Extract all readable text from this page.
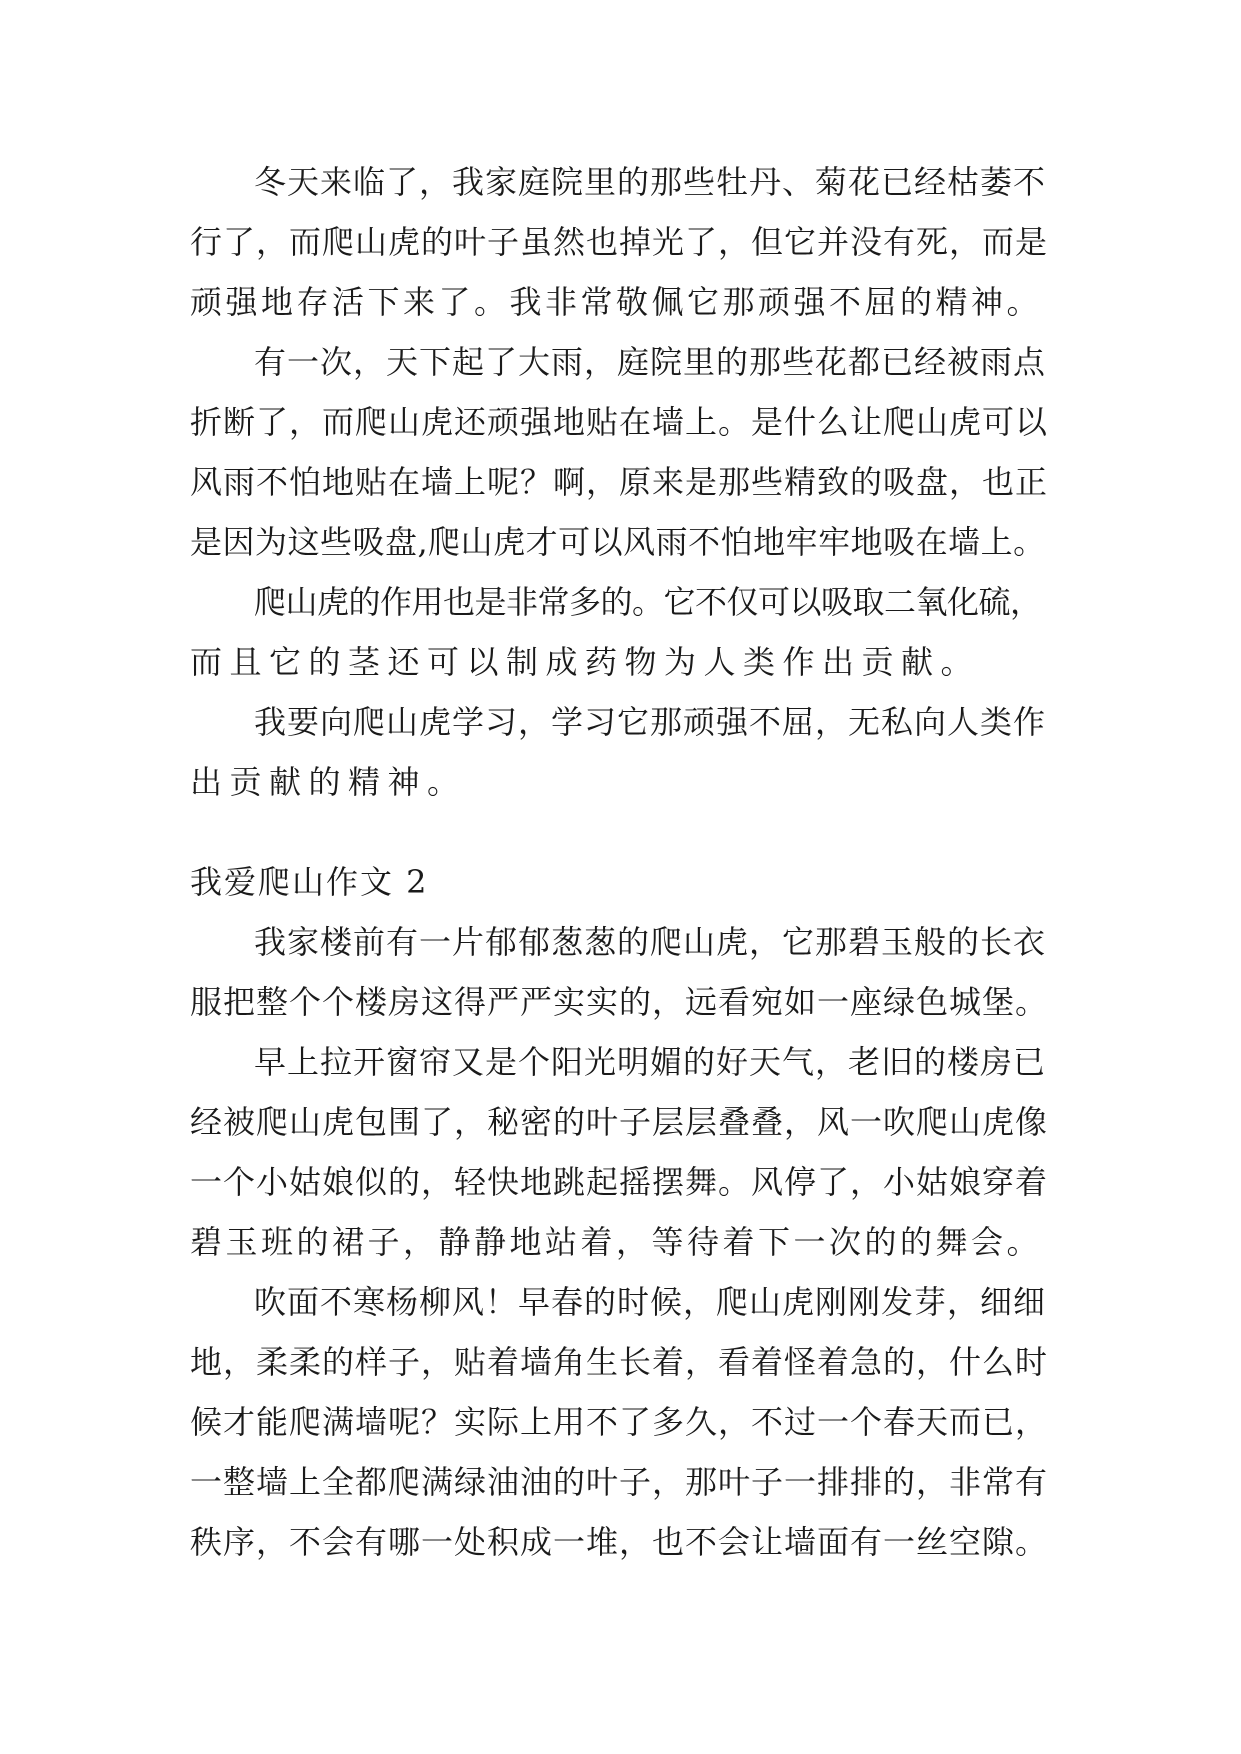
冬天来临了，我家庭院里的那些牡丹、菊花已经枯萎不
行了，而爬山虎的叶子虽然也掉光了，但它并没有死，而是
顽强地存活下来了。我非常敬佩它那顽强不屈的精神。
有一次，天下起了大雨，庭院里的那些花都已经被雨点
折断了，而爬山虎还顽强地贴在墙上。是什么让爬山虎可以
风雨不怕地贴在墙上呢？啊，原来是那些精致的吸盘，也正
是因为这些吸盘,爬山虎才可以风雨不怕地牢牢地吸在墙上。
爬山虎的作用也是非常多的。它不仅可以吸取二氧化硫，
而且它的茎还可以制成药物为人类作出贡献。
我要向爬山虎学习，学习它那顽强不屈，无私向人类作
出贡献的精神。
我爱爬山作文 2
我家楼前有一片郁郁葱葱的爬山虎，它那碧玉般的长衣
服把整个个楼房这得严严实实的，远看宛如一座绿色城堡。
早上拉开窗帘又是个阳光明媚的好天气，老旧的楼房已
经被爬山虎包围了，秘密的叶子层层叠叠，风一吹爬山虎像
一个小姑娘似的，轻快地跳起摇摆舞。风停了，小姑娘穿着
碧玉班的裙子，静静地站着，等待着下一次的的舞会。
吹面不寒杨柳风！早春的时候，爬山虎刚刚发芽，细细
地，柔柔的样子，贴着墙角生长着，看着怪着急的，什么时
候才能爬满墙呢？实际上用不了多久，不过一个春天而已，
一整墙上全都爬满绿油油的叶子，那叶子一排排的，非常有
秩序，不会有哪一处积成一堆，也不会让墙面有一丝空隙。
